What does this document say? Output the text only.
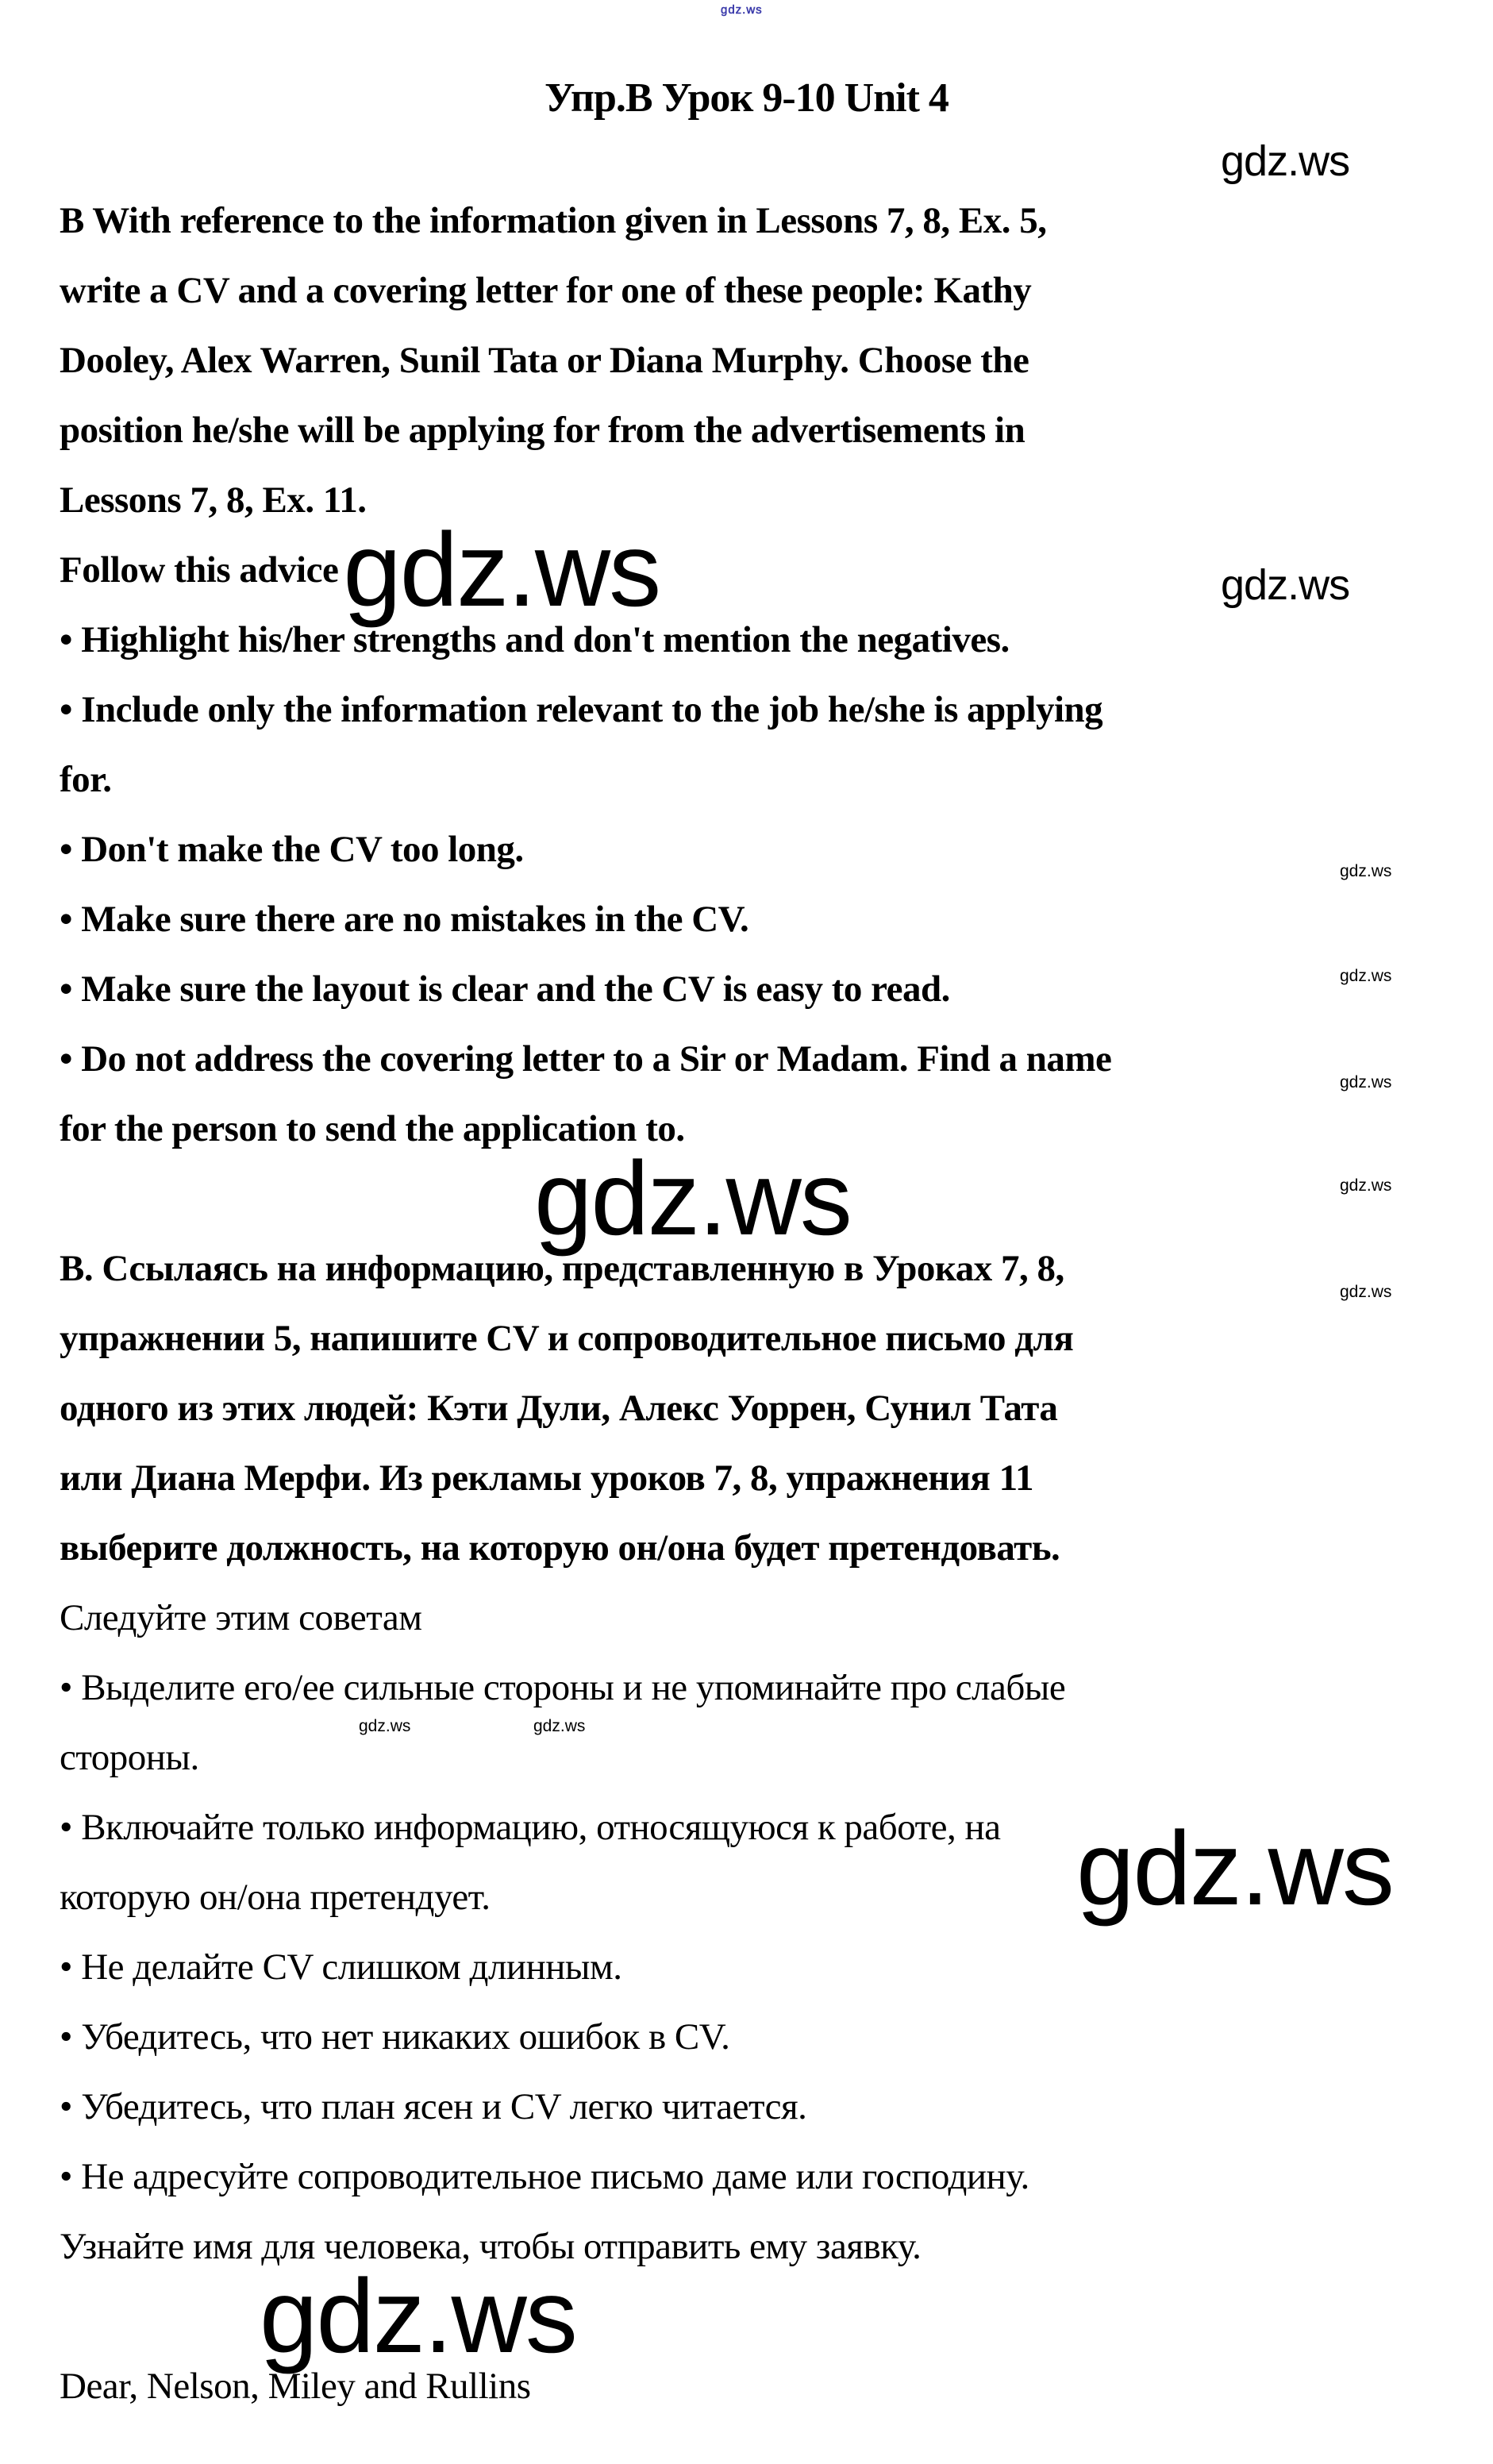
gdz.ws
Упр.В Урок 9-10 Unit 4
gdz.ws
gdz.ws
gdz.ws
gdz.ws
gdz.ws
gdz.ws
gdz.ws
gdz.ws	gdz.ws
gdz.ws
B With reference to the information given in Lessons 7, 8, Ex. 5,
write a CV and a covering letter for one of these people: Kathy
Dooley, Alex Warren, Sunil Tata or Diana Murphy. Choose the
position he/she will be applying for from the advertisements in
Lessons 7, 8, Ex. 11.
Follow this advicegdz.ws
• Highlight his/her strengths and don't mention the negatives.
• Include only the information relevant to the job he/she is applying
for.
• Don't make the CV too long.
• Make sure there are no mistakes in the CV.
• Make sure the layout is clear and the CV is easy to read.
• Do not address the covering letter to a Sir or Madam. Find a name
for the person to send the application to.
gdz.ws
В. Ссылаясь на информацию, представленную в Уроках 7, 8,
упражнении 5, напишите CV и сопроводительное письмо для
одного из этих людей: Кэти Дули, Алекс Уоррен, Сунил Тата
или Диана Мерфи. Из рекламы уроков 7, 8, упражнения 11
выберите должность, на которую он/она будет претендовать.
Следуйте этим советам
• Выделите его/ее сильные стороны и не упоминайте про слабые
стороны.
• Включайте только информацию, относящуюся к работе, на
которую он/она претендует.
• Не делайте CV слишком длинным.
• Убедитесь, что нет никаких ошибок в CV.
• Убедитесь, что план ясен и CV легко читается.
• Не адресуйте сопроводительное письмо даме или господину.
Узнайте имя для человека, чтобы отправить ему заявку.
gdz.ws
Dear, Nelson, Miley and Rullins
